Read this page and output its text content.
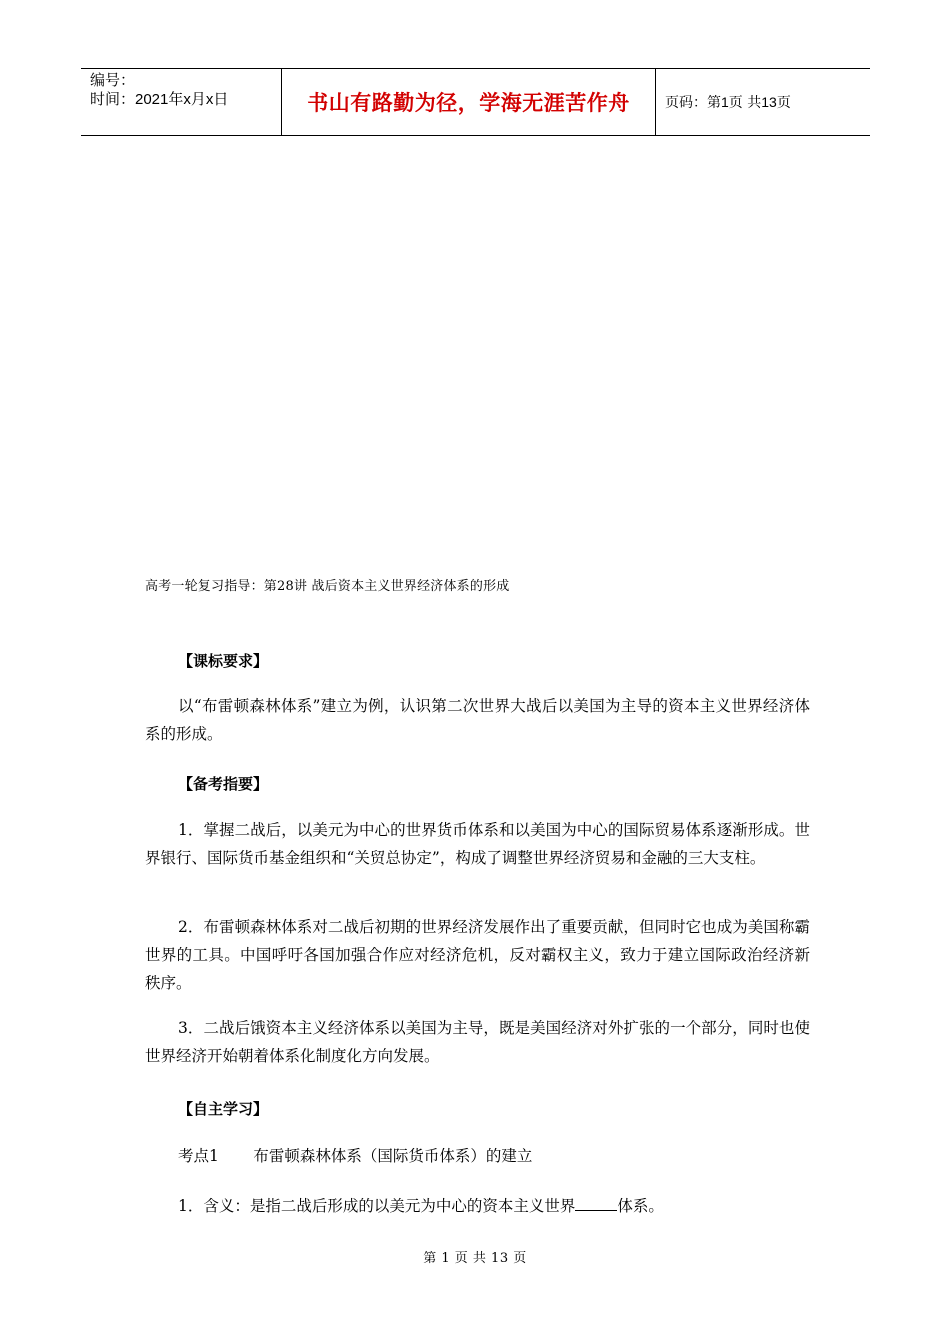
编号：
时间：2021年x月x日	书山有路勤为径，学海无涯苦作舟	页码：第 1 页 共 13 页
高考一轮复习指导：第28讲 战后资本主义世界经济体系的形成
【课标要求】
以“布雷顿森林体系”建立为例，认识第二次世界大战后以美国为主导的资本主义世界经济体系的形成。
【备考指要】
1．掌握二战后，以美元为中心的世界货币体系和以美国为中心的国际贸易体系逐渐形成。世界银行、国际货币基金组织和“关贸总协定”，构成了调整世界经济贸易和金融的三大支柱。
2．布雷顿森林体系对二战后初期的世界经济发展作出了重要贡献，但同时它也成为美国称霸世界的工具。中国呼吁各国加强合作应对经济危机，反对霸权主义，致力于建立国际政治经济新秩序。
3．二战后饿资本主义经济体系以美国为主导，既是美国经济对外扩张的一个部分，同时也使世界经济开始朝着体系化制度化方向发展。
【自主学习】
考点1       布雷顿森林体系（国际货币体系）的建立
1．含义：是指二战后形成的以美元为中心的资本主义世界	体系。
第 1 页 共 13 页
